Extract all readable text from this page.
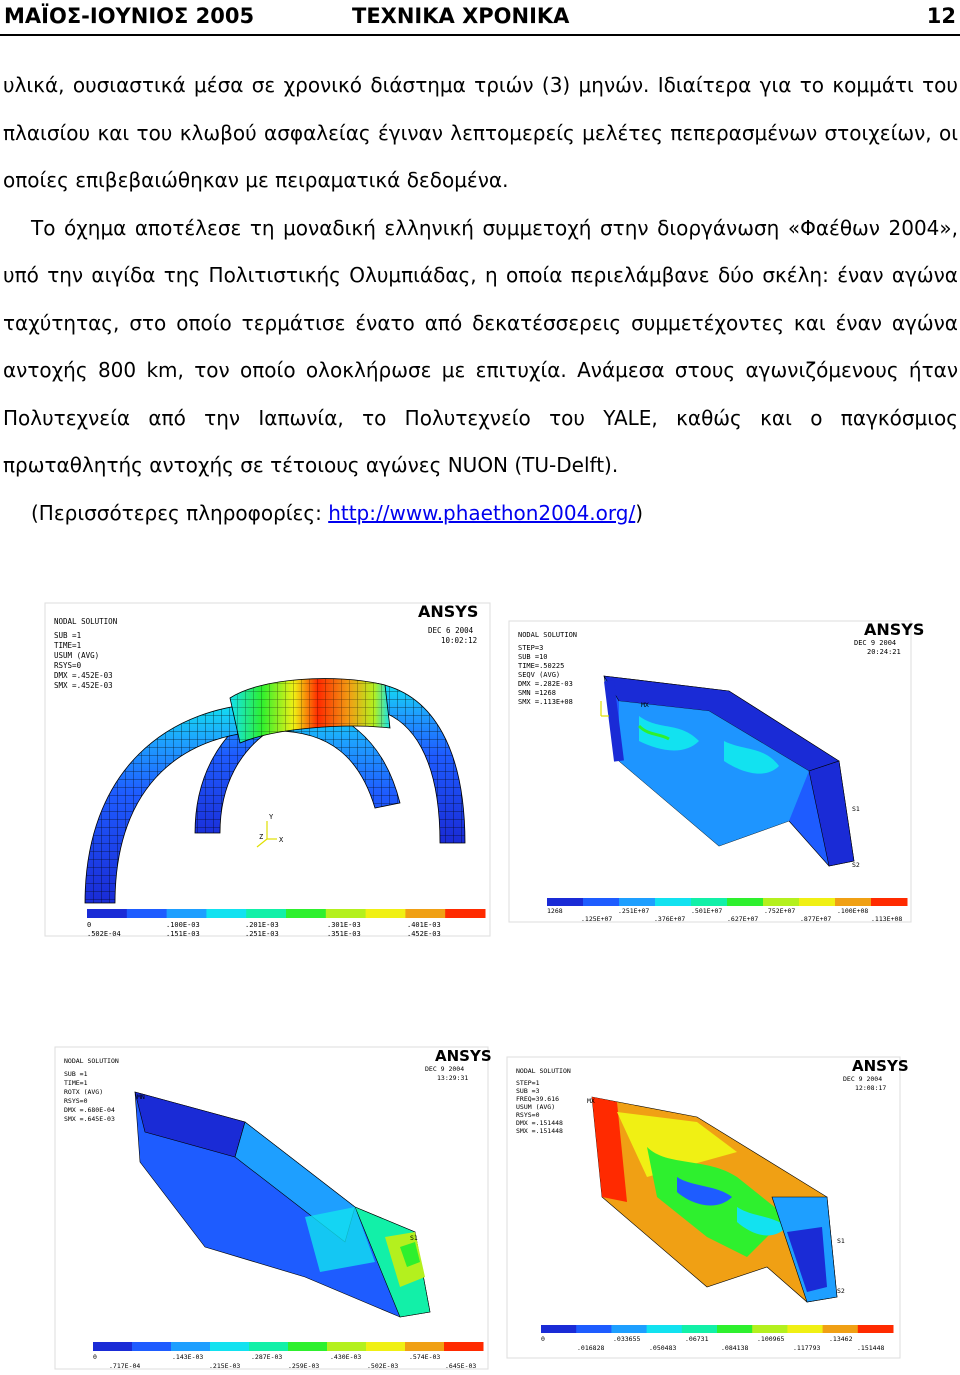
ΜΑΪΟΣ-ΙΟΥΝΙΟΣ 2005	ΤΕΧΝΙΚΑ ΧΡΟΝΙΚΑ	12

υλικά, ουσιαστικά μέσα σε χρονικό διάστημα τριών (3) μηνών. Ιδιαίτερα για το κομμάτι του πλαισίου και του κλωβού ασφαλείας έγιναν λεπτομερείς μελέτες πεπερασμένων στοιχείων, οι οποίες επιβεβαιώθηκαν με πειραματικά δεδομένα.

Το όχημα αποτέλεσε τη μοναδική ελληνική συμμετοχή στην διοργάνωση «Φαέθων 2004», υπό την αιγίδα της Πολιτιστικής Ολυμπιάδας, η οποία περιελάμβανε δύο σκέλη: έναν αγώνα ταχύτητας, στο οποίο τερμάτισε ένατο από δεκατέσσερεις συμμετέχοντες και έναν αγώνα αντοχής 800 km, τον οποίο ολοκλήρωσε με επιτυχία. Ανάμεσα στους αγωνιζόμενους ήταν Πολυτεχνεία από την Ιαπωνία, το Πολυτεχνείο του YALE, καθώς και ο παγκόσμιος πρωταθλητής αντοχής σε τέτοιους αγώνες NUON (TU-Delft).

(Περισσότερες πληροφορίες: http://www.phaethon2004.org/)

ANSYS
NODAL SOLUTION
SUB =1
TIME=1
USUM (AVG)
RSYS=0
DMX =.452E-03
SMX =.452E-03
DEC 6 2004
10:02:12
Y
Z X
0	.100E-03	.201E-03	.301E-03	.401E-03
.502E-04	.151E-03	.251E-03	.351E-03	.452E-03
ANSYS
NODAL SOLUTION
STEP=3
SUB =10
TIME=.50225
SEQV (AVG)
DMX =.282E-03
SMN =1268
SMX =.113E+08
DEC 9 2004
20:24:21
MX
S1
S2
1268	.251E+07	.501E+07	.752E+07	.100E+08
.125E+07	.376E+07	.627E+07	.877E+07	.113E+08
ANSYS
NODAL SOLUTION
SUB =1
TIME=1
ROTX (AVG)
RSYS=0
DMX =.680E-04
SMX =.645E-03
DEC 9 2004
13:29:31
MN
S1
0	.143E-03	.287E-03	.430E-03	.574E-03
.717E-04	.215E-03	.259E-03	.502E-03	.645E-03
ANSYS
NODAL SOLUTION
STEP=1
SUB =3
FREQ=39.616
USUM (AVG)
RSYS=0
DMX =.151448
SMX =.151448
DEC 9 2004
12:08:17
MX
S1
S2
0	.033655	.06731	.100965	.13462
.016828	.050483	.084138	.117793	.151448
